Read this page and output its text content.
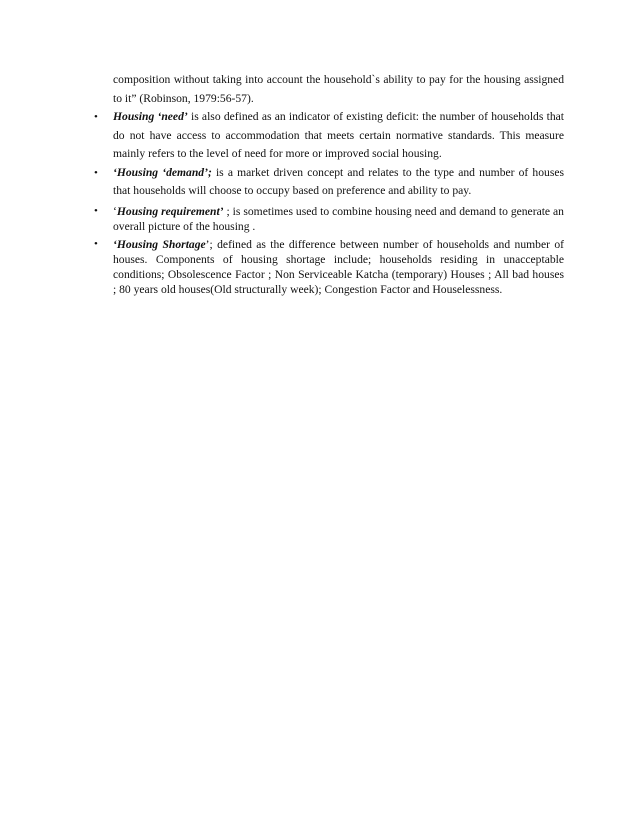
composition without taking into account the household`s ability to pay for the housing assigned to it” (Robinson, 1979:56-57).

•	Housing ‘need’ is also defined as an indicator of existing deficit: the number of households that do not have access to accommodation that meets certain normative standards. This measure mainly refers to the level of need for more or improved social housing.
•	‘Housing ‘demand’; is a market driven concept and relates to the type and number of houses that households will choose to occupy based on preference and ability to pay.
•	‘Housing requirement’ ; is sometimes used to combine housing need and demand to generate an overall picture of the housing .
•	‘Housing Shortage’; defined as the difference between number of households and number of houses. Components of housing shortage include; households residing in unacceptable conditions; Obsolescence Factor ; Non Serviceable Katcha (temporary) Houses ; All bad houses ; 80 years old houses(Old structurally week); Congestion Factor and Houselessness.
